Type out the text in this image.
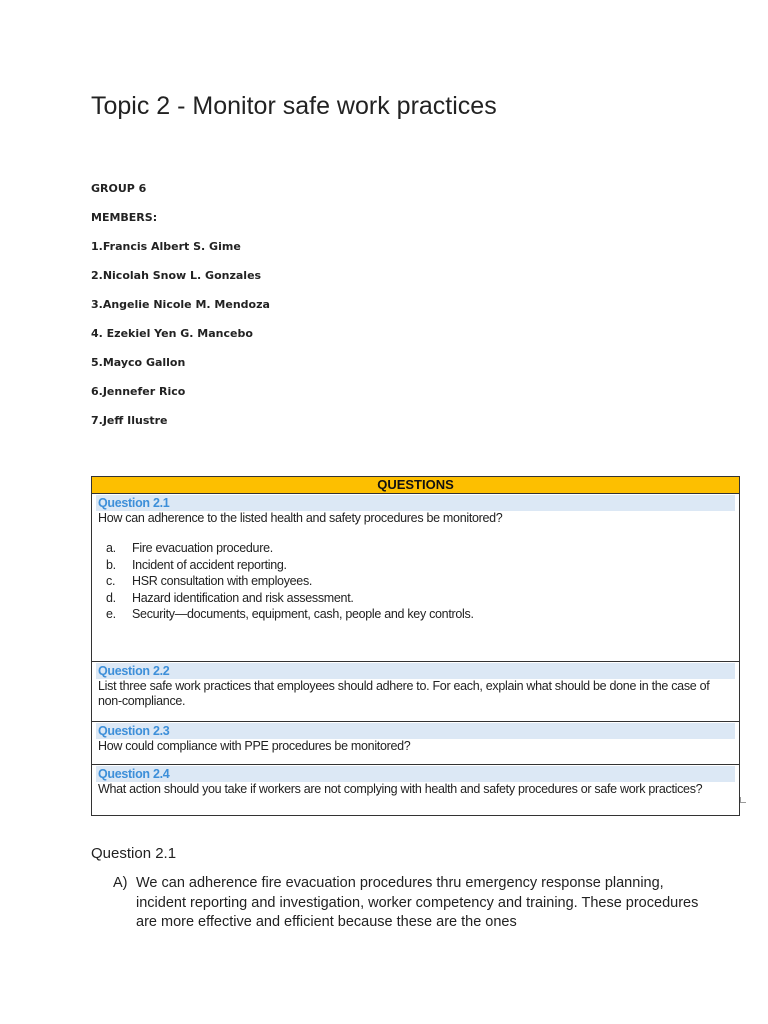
Topic 2 - Monitor safe work practices
GROUP 6
MEMBERS:
1.Francis Albert S. Gime
2.Nicolah Snow L. Gonzales
3.Angelie Nicole M. Mendoza
4. Ezekiel Yen G. Mancebo
5.Mayco Gallon
6.Jennefer Rico
7.Jeff Ilustre
QUESTIONS

Question 2.1
How can adherence to the listed health and safety procedures be monitored?
a. Fire evacuation procedure.
b. Incident of accident reporting.
c. HSR consultation with employees.
d. Hazard identification and risk assessment.
e. Security—documents, equipment, cash, people and key controls.

Question 2.2
List three safe work practices that employees should adhere to. For each, explain what should be done in the case of non-compliance.

Question 2.3
How could compliance with PPE procedures be monitored?

Question 2.4
What action should you take if workers are not complying with health and safety procedures or safe work practices?
Question 2.1
A) We can adherence fire evacuation procedures thru emergency response planning, incident reporting and investigation, worker competency and training. These procedures are more effective and efficient because these are the ones
